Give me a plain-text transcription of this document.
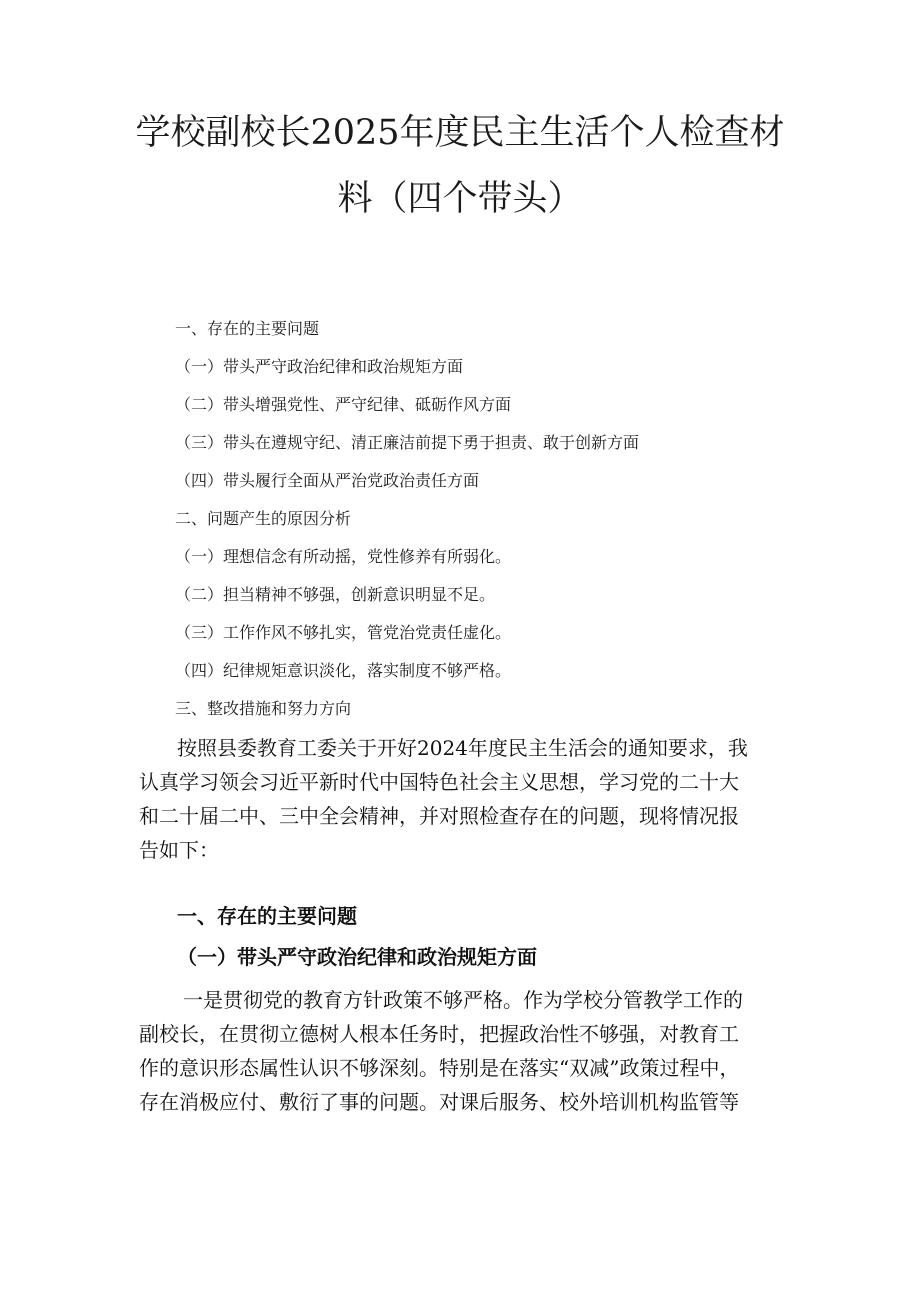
学校副校长2025年度民主生活个人检查材
料（四个带头）
一、存在的主要问题
（一）带头严守政治纪律和政治规矩方面
（二）带头增强党性、严守纪律、砥砺作风方面
（三）带头在遵规守纪、清正廉洁前提下勇于担责、敢于创新方面
（四）带头履行全面从严治党政治责任方面
二、问题产生的原因分析
（一）理想信念有所动摇，党性修养有所弱化。
（二）担当精神不够强，创新意识明显不足。
（三）工作作风不够扎实，管党治党责任虚化。
（四）纪律规矩意识淡化，落实制度不够严格。
三、整改措施和努力方向
按照县委教育工委关于开好2024年度民主生活会的通知要求，我
认真学习领会习近平新时代中国特色社会主义思想，学习党的二十大
和二十届二中、三中全会精神，并对照检查存在的问题，现将情况报
告如下：
一、存在的主要问题
（一）带头严守政治纪律和政治规矩方面
一是贯彻党的教育方针政策不够严格。作为学校分管教学工作的
副校长，在贯彻立德树人根本任务时，把握政治性不够强，对教育工
作的意识形态属性认识不够深刻。特别是在落实“双减”政策过程中，
存在消极应付、敷衍了事的问题。对课后服务、校外培训机构监管等
